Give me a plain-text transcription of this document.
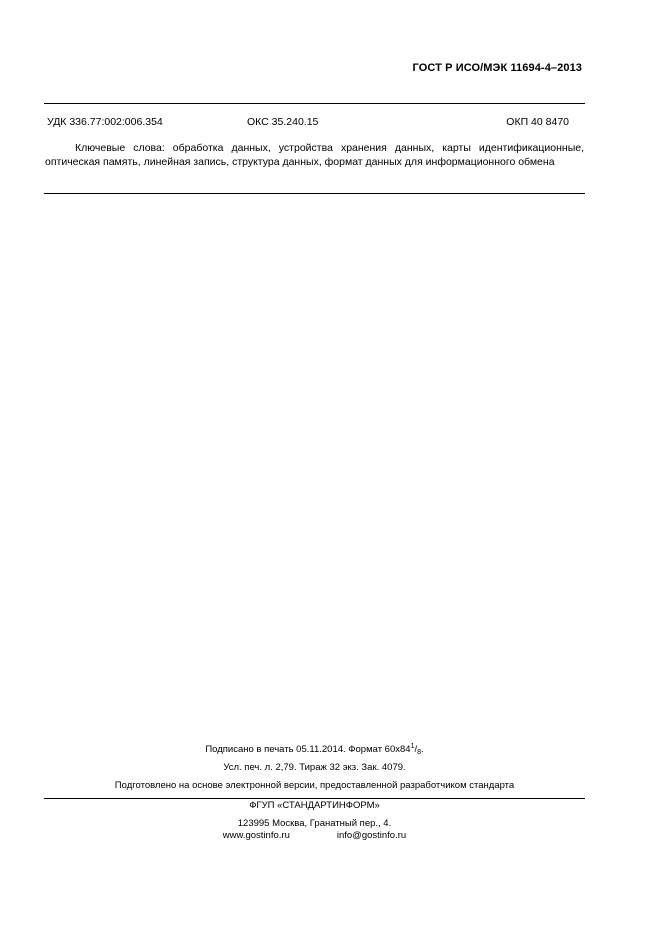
ГОСТ Р ИСО/МЭК 11694-4–2013
УДК 336.77:002:006.354	ОКС 35.240.15	ОКП 40 8470

Ключевые слова: обработка данных, устройства хранения данных, карты идентификационные, оптическая память, линейная запись, структура данных, формат данных для информационного обмена

Подписано в печать 05.11.2014. Формат $60х84^1/_8$.
Усл. печ. л. 2,79. Тираж 32 экз. Зак. 4079.
Подготовлено на основе электронной версии, предоставленной разработчиком стандарта
ФГУП «СТАНДАРТИНФОРМ»
123995 Москва, Гранатный пер., 4.
www.gostinfo.ru	info@gostinfo.ru
